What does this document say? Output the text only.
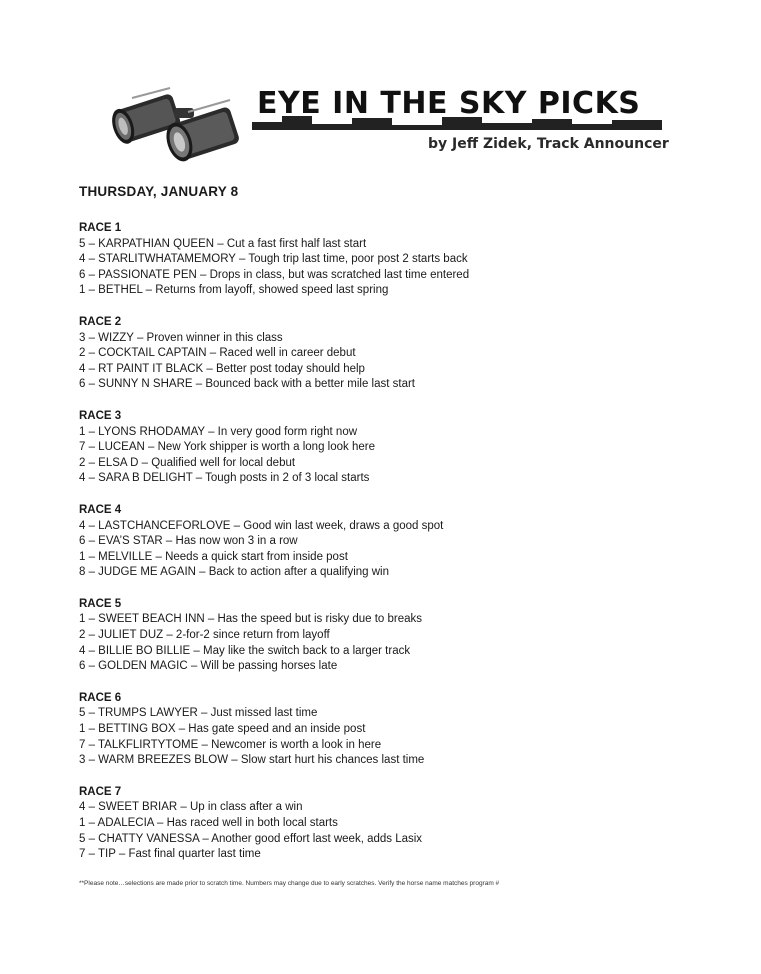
EYE IN THE SKY PICKS
by Jeff Zidek, Track Announcer
THURSDAY, JANUARY 8
RACE 1
5 – KARPATHIAN QUEEN – Cut a fast first half last start
4 – STARLITWHATAMEMORY – Tough trip last time, poor post 2 starts back
6 – PASSIONATE PEN – Drops in class, but was scratched last time entered
1 – BETHEL – Returns from layoff, showed speed last spring
RACE 2
3 – WIZZY – Proven winner in this class
2 – COCKTAIL CAPTAIN – Raced well in career debut
4 – RT PAINT IT BLACK – Better post today should help
6 – SUNNY N SHARE – Bounced back with a better mile last start
RACE 3
1 – LYONS RHODAMAY – In very good form right now
7 – LUCEAN – New York shipper is worth a long look here
2 – ELSA D – Qualified well for local debut
4 – SARA B DELIGHT – Tough posts in 2 of 3 local starts
RACE 4
4 – LASTCHANCEFORLOVE – Good win last week, draws a good spot
6 – EVA’S STAR – Has now won 3 in a row
1 – MELVILLE – Needs a quick start from inside post
8 – JUDGE ME AGAIN – Back to action after a qualifying win
RACE 5
1 – SWEET BEACH INN – Has the speed but is risky due to breaks
2 – JULIET DUZ – 2-for-2 since return from layoff
4 – BILLIE BO BILLIE – May like the switch back to a larger track
6 – GOLDEN MAGIC – Will be passing horses late
RACE 6
5 – TRUMPS LAWYER – Just missed last time
1 – BETTING BOX – Has gate speed and an inside post
7 – TALKFLIRTYTOME – Newcomer is worth a look in here
3 – WARM BREEZES BLOW – Slow start hurt his chances last time
RACE 7
4 – SWEET BRIAR – Up in class after a win
1 – ADALECIA – Has raced well in both local starts
5 – CHATTY VANESSA – Another good effort last week, adds Lasix
7 – TIP – Fast final quarter last time
**Please note…selections are made prior to scratch time. Numbers may change due to early scratches. Verify the horse name matches program #
